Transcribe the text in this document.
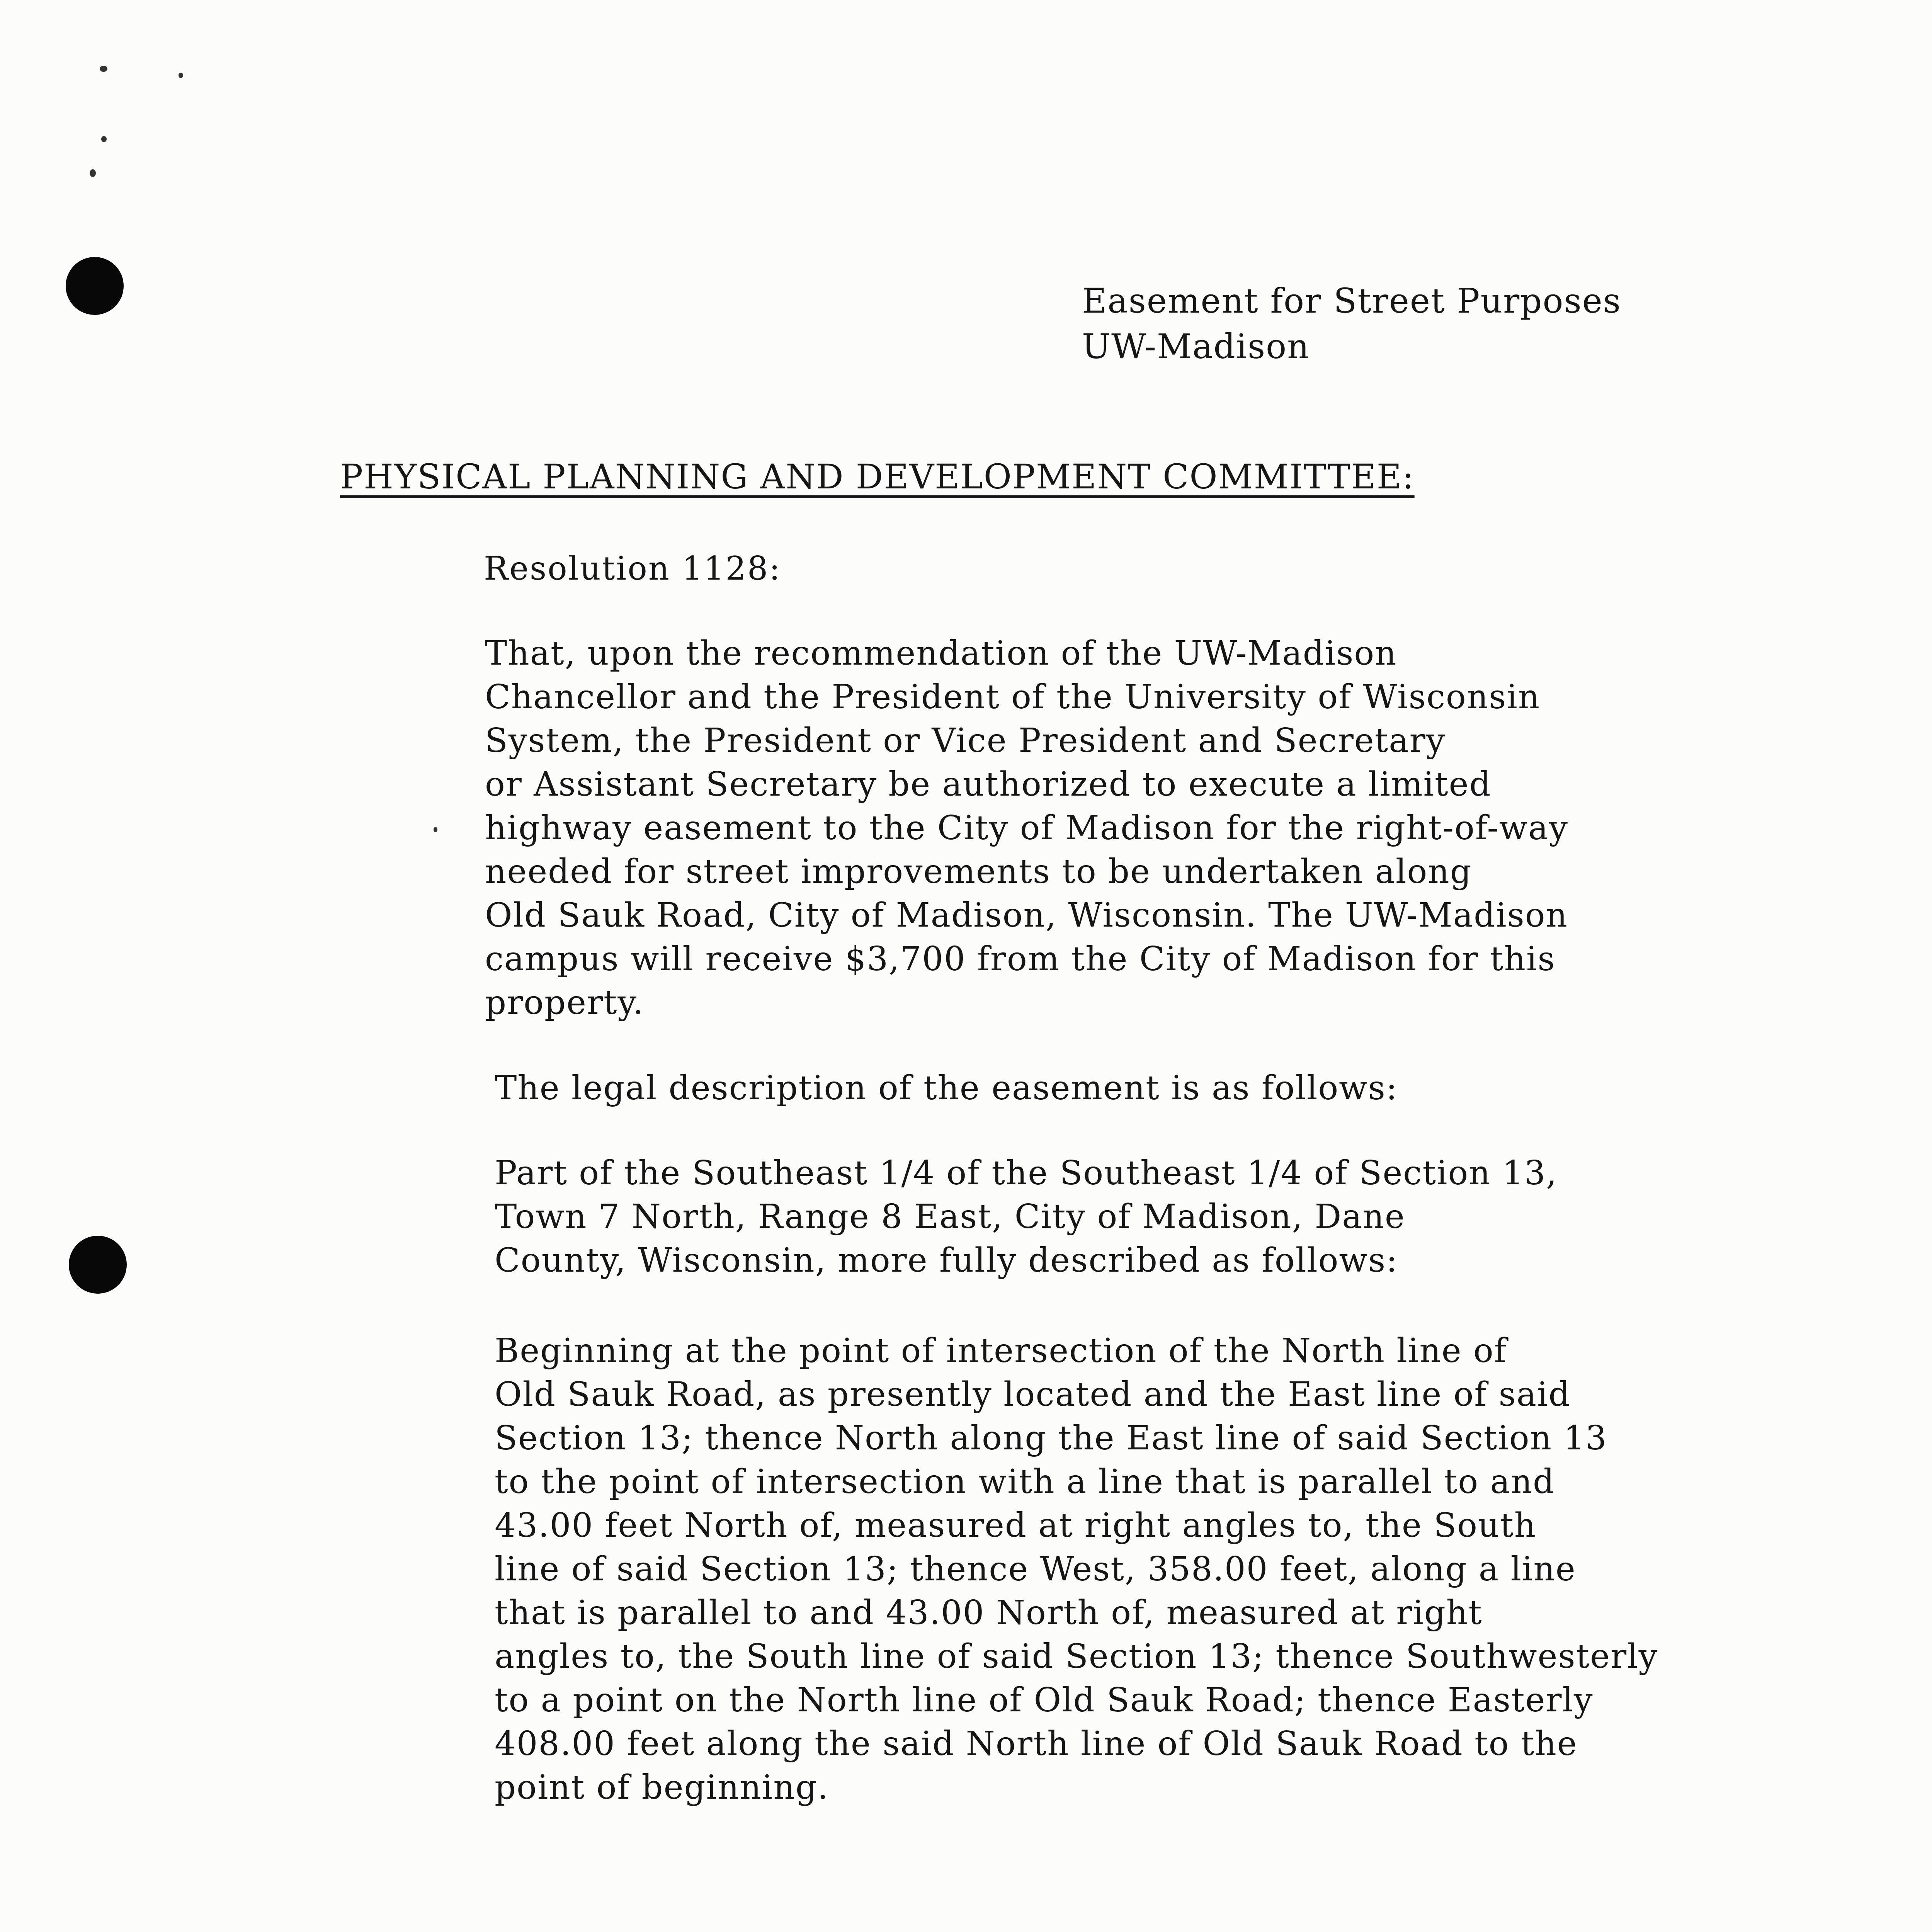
Easement for Street Purposes
UW-Madison
PHYSICAL PLANNING AND DEVELOPMENT COMMITTEE:
Resolution 1128:
That, upon the recommendation of the UW-Madison
Chancellor and the President of the University of Wisconsin
System, the President or Vice President and Secretary
or Assistant Secretary be authorized to execute a limited
highway easement to the City of Madison for the right-of-way
needed for street improvements to be undertaken along
Old Sauk Road, City of Madison, Wisconsin. The UW-Madison
campus will receive $3,700 from the City of Madison for this
property.
The legal description of the easement is as follows:
Part of the Southeast 1/4 of the Southeast 1/4 of Section 13,
Town 7 North, Range 8 East, City of Madison, Dane
County, Wisconsin, more fully described as follows:
Beginning at the point of intersection of the North line of
Old Sauk Road, as presently located and the East line of said
Section 13; thence North along the East line of said Section 13
to the point of intersection with a line that is parallel to and
43.00 feet North of, measured at right angles to, the South
line of said Section 13; thence West, 358.00 feet, along a line
that is parallel to and 43.00 North of, measured at right
angles to, the South line of said Section 13; thence Southwesterly
to a point on the North line of Old Sauk Road; thence Easterly
408.00 feet along the said North line of Old Sauk Road to the
point of beginning.
